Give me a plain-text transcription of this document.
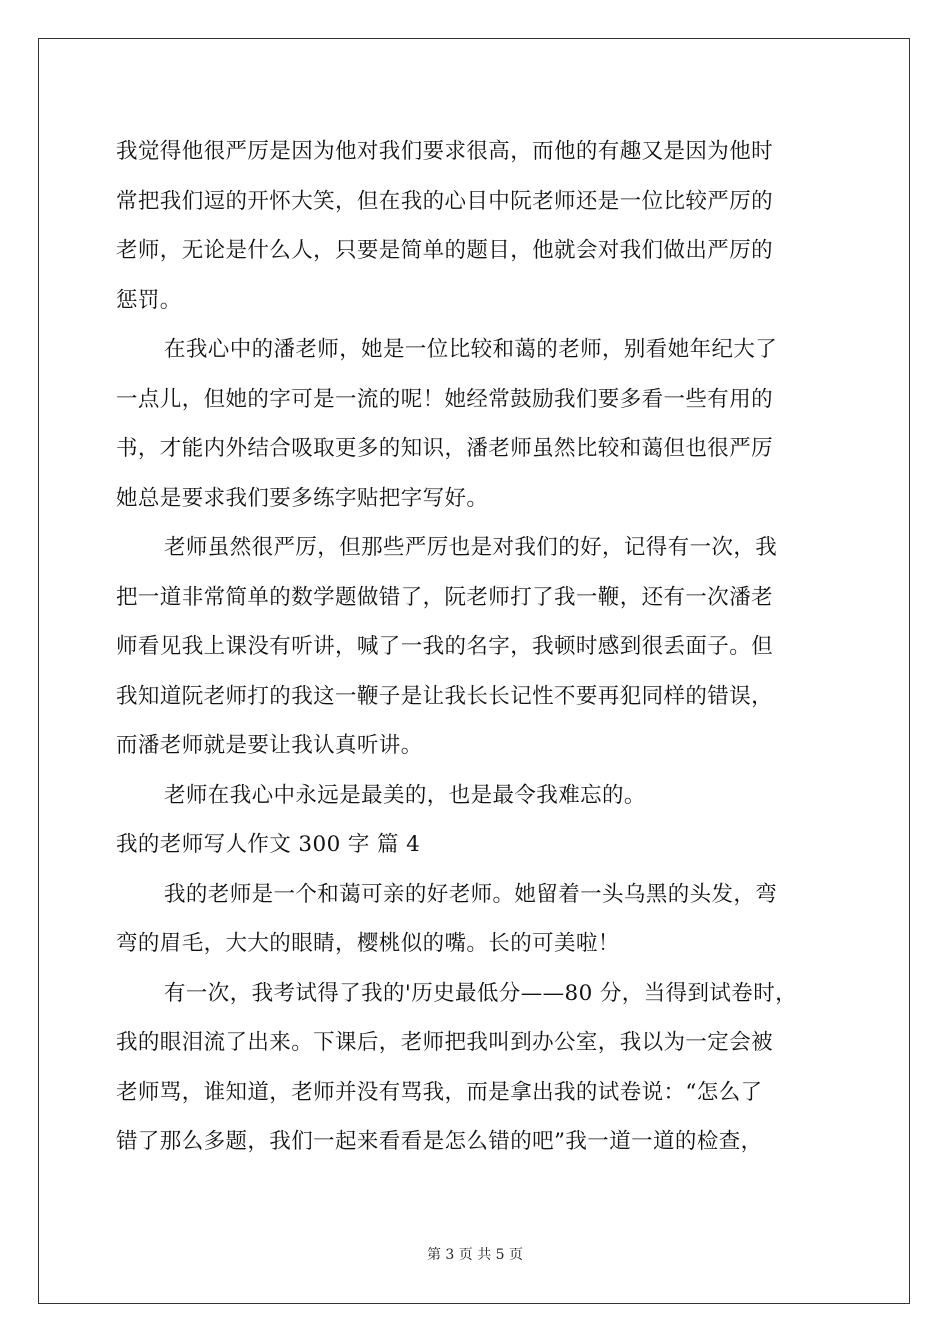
我觉得他很严厉是因为他对我们要求很高，而他的有趣又是因为他时
常把我们逗的开怀大笑，但在我的心目中阮老师还是一位比较严厉的
老师，无论是什么人，只要是简单的题目，他就会对我们做出严厉的
惩罚。
在我心中的潘老师，她是一位比较和蔼的老师，别看她年纪大了
一点儿，但她的字可是一流的呢！她经常鼓励我们要多看一些有用的
书，才能内外结合吸取更多的知识，潘老师虽然比较和蔼但也很严厉
她总是要求我们要多练字贴把字写好。
老师虽然很严厉，但那些严厉也是对我们的好，记得有一次，我
把一道非常简单的数学题做错了，阮老师打了我一鞭，还有一次潘老
师看见我上课没有听讲，喊了一我的名字，我顿时感到很丢面子。但
我知道阮老师打的我这一鞭子是让我长长记性不要再犯同样的错误，
而潘老师就是要让我认真听讲。
老师在我心中永远是最美的，也是最令我难忘的。
我的老师写人作文 300 字 篇 4
我的老师是一个和蔼可亲的好老师。她留着一头乌黑的头发，弯
弯的眉毛，大大的眼睛，樱桃似的嘴。长的可美啦！
有一次，我考试得了我的'历史最低分——80 分，当得到试卷时，
我的眼泪流了出来。下课后，老师把我叫到办公室，我以为一定会被
老师骂，谁知道，老师并没有骂我，而是拿出我的试卷说：“怎么了
错了那么多题，我们一起来看看是怎么错的吧”我一道一道的检查，
第 3 页 共 5 页
